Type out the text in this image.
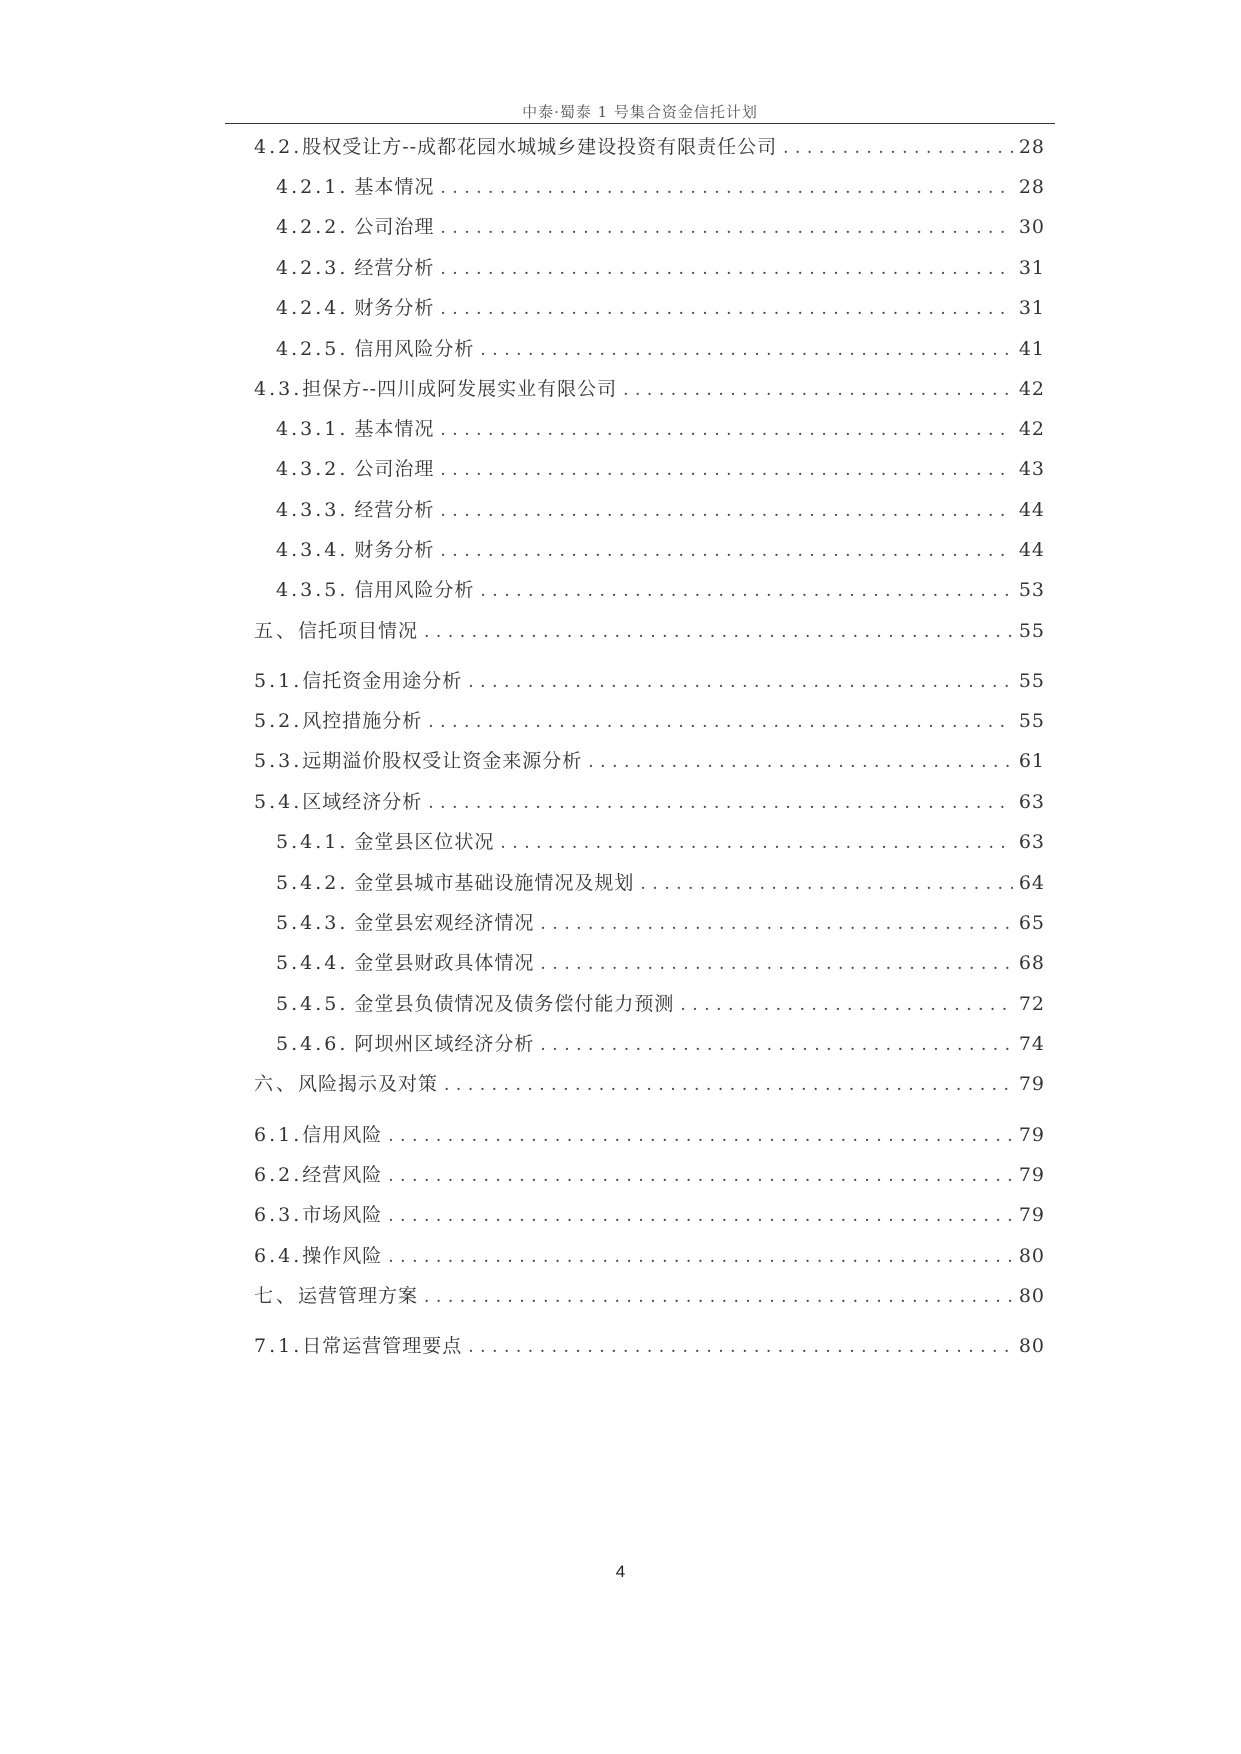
中泰·蜀泰 1 号集合资金信托计划
4.2. 股权受让方--成都花园水城城乡建设投资有限责任公司 .....	28
4.2.1. 基本情况 .....	28
4.2.2. 公司治理 .....	30
4.2.3. 经营分析 .....	31
4.2.4. 财务分析 .....	31
4.2.5. 信用风险分析 .....	41
4.3. 担保方--四川成阿发展实业有限公司 .....	42
4.3.1. 基本情况 .....	42
4.3.2. 公司治理 .....	43
4.3.3. 经营分析 .....	44
4.3.4. 财务分析 .....	44
4.3.5. 信用风险分析 .....	53
五、 信托项目情况 .....	55
5.1. 信托资金用途分析 .....	55
5.2. 风控措施分析 .....	55
5.3. 远期溢价股权受让资金来源分析 .....	61
5.4. 区域经济分析 .....	63
5.4.1. 金堂县区位状况 .....	63
5.4.2. 金堂县城市基础设施情况及规划 .....	64
5.4.3. 金堂县宏观经济情况 .....	65
5.4.4. 金堂县财政具体情况 .....	68
5.4.5. 金堂县负债情况及债务偿付能力预测 .....	72
5.4.6. 阿坝州区域经济分析 .....	74
六、 风险揭示及对策 .....	79
6.1. 信用风险 .....	79
6.2. 经营风险 .....	79
6.3. 市场风险 .....	79
6.4. 操作风险 .....	80
七、 运营管理方案 .....	80
7.1. 日常运营管理要点 .....	80
4
